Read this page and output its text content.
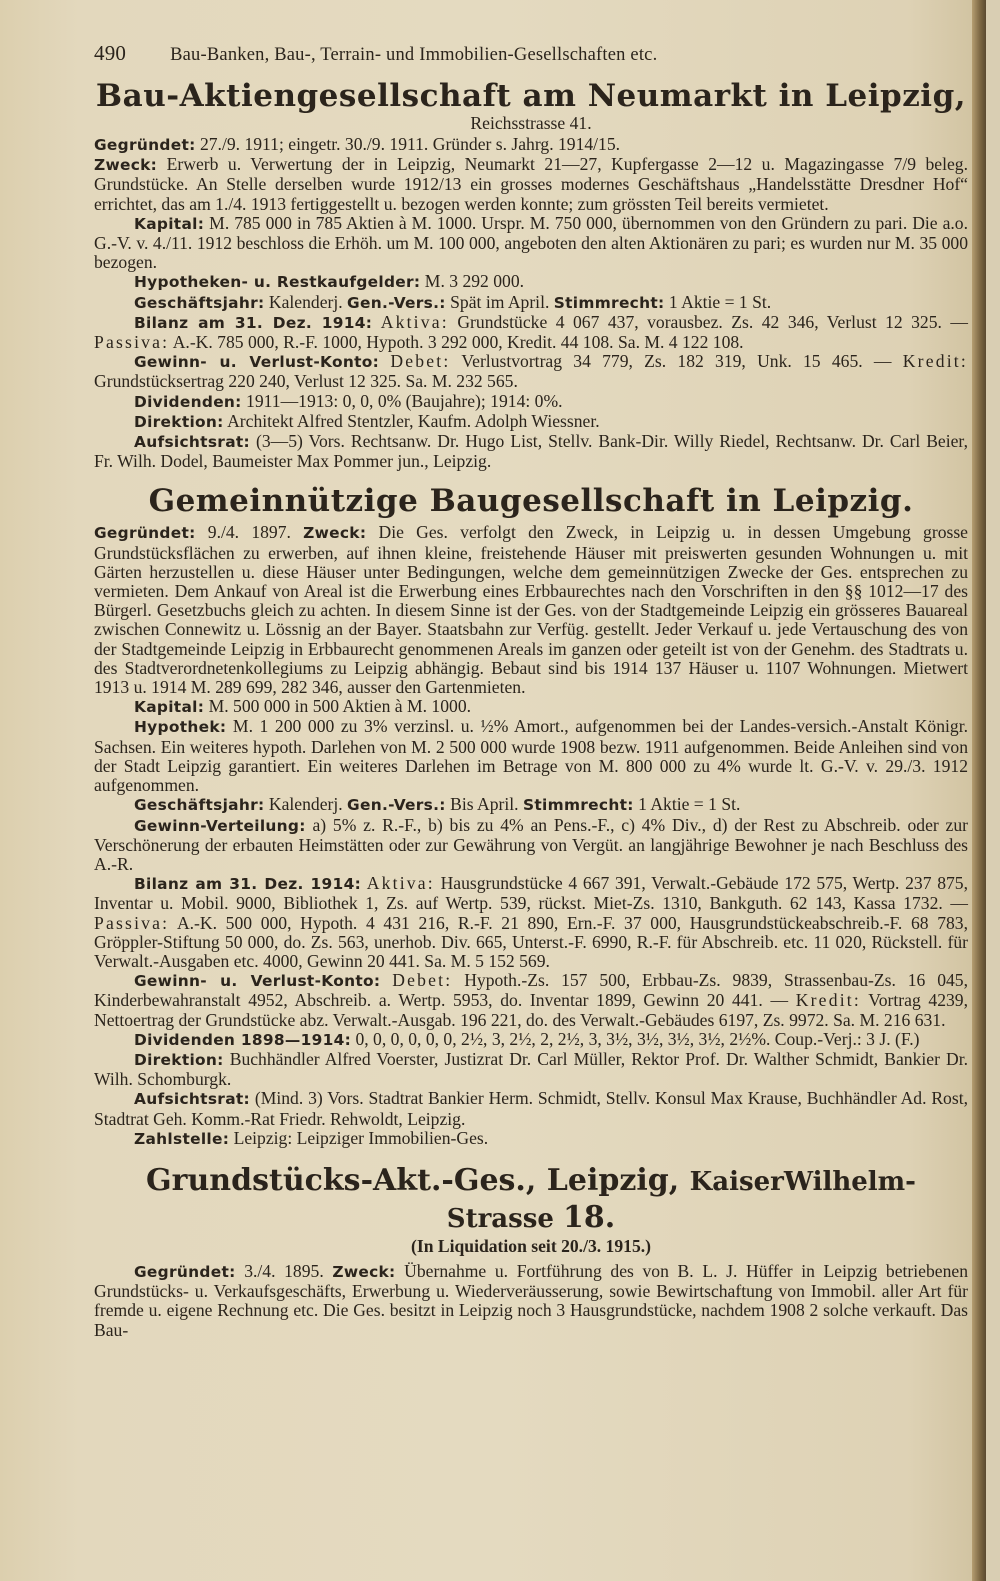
490 Bau-Banken, Bau-, Terrain- und Immobilien-Gesellschaften etc.
Bau-Aktiengesellschaft am Neumarkt in Leipzig,
Reichsstrasse 41.

Gegründet: 27./9. 1911; eingetr. 30./9. 1911. Gründer s. Jahrg. 1914/15.

Zweck: Erwerb u. Verwertung der in Leipzig, Neumarkt 21—27, Kupfergasse 2—12 u. Magazingasse 7/9 beleg. Grundstücke. An Stelle derselben wurde 1912/13 ein grosses modernes Geschäftshaus „Handelsstätte Dresdner Hof“ errichtet, das am 1./4. 1913 fertiggestellt u. bezogen werden konnte; zum grössten Teil bereits vermietet.

Kapital: M. 785 000 in 785 Aktien à M. 1000. Urspr. M. 750 000, übernommen von den Gründern zu pari. Die a.o. G.-V. v. 4./11. 1912 beschloss die Erhöh. um M. 100 000, angeboten den alten Aktionären zu pari; es wurden nur M. 35 000 bezogen.

Hypotheken- u. Restkaufgelder: M. 3 292 000.

Geschäftsjahr: Kalenderj. Gen.-Vers.: Spät im April. Stimmrecht: 1 Aktie = 1 St.

Bilanz am 31. Dez. 1914: Aktiva: Grundstücke 4 067 437, vorausbez. Zs. 42 346, Verlust 12 325. — Passiva: A.-K. 785 000, R.-F. 1000, Hypoth. 3 292 000, Kredit. 44 108. Sa. M. 4 122 108.

Gewinn- u. Verlust-Konto: Debet: Verlustvortrag 34 779, Zs. 182 319, Unk. 15 465. — Kredit: Grundstücksertrag 220 240, Verlust 12 325. Sa. M. 232 565.

Dividenden: 1911—1913: 0, 0, 0% (Baujahre); 1914: 0%.

Direktion: Architekt Alfred Stentzler, Kaufm. Adolph Wiessner.

Aufsichtsrat: (3—5) Vors. Rechtsanw. Dr. Hugo List, Stellv. Bank-Dir. Willy Riedel, Rechtsanw. Dr. Carl Beier, Fr. Wilh. Dodel, Baumeister Max Pommer jun., Leipzig.

Gemeinnützige Baugesellschaft in Leipzig.

Gegründet: 9./4. 1897. Zweck: Die Ges. verfolgt den Zweck, in Leipzig u. in dessen Umgebung grosse Grundstücksflächen zu erwerben, auf ihnen kleine, freistehende Häuser mit preiswerten gesunden Wohnungen u. mit Gärten herzustellen u. diese Häuser unter Bedingungen, welche dem gemeinnützigen Zwecke der Ges. entsprechen zu vermieten. Dem Ankauf von Areal ist die Erwerbung eines Erbbaurechtes nach den Vorschriften in den §§ 1012—17 des Bürgerl. Gesetzbuchs gleich zu achten. In diesem Sinne ist der Ges. von der Stadtgemeinde Leipzig ein grösseres Bauareal zwischen Connewitz u. Lössnig an der Bayer. Staatsbahn zur Verfüg. gestellt. Jeder Verkauf u. jede Vertauschung des von der Stadtgemeinde Leipzig in Erbbaurecht genommenen Areals im ganzen oder geteilt ist von der Genehm. des Stadtrats u. des Stadtverordnetenkollegiums zu Leipzig abhängig. Bebaut sind bis 1914 137 Häuser u. 1107 Wohnungen. Mietwert 1913 u. 1914 M. 289 699, 282 346, ausser den Gartenmieten.

Kapital: M. 500 000 in 500 Aktien à M. 1000.

Hypothek: M. 1 200 000 zu 3% verzinsl. u. ½% Amort., aufgenommen bei der Landes-versich.-Anstalt Königr. Sachsen. Ein weiteres hypoth. Darlehen von M. 2 500 000 wurde 1908 bezw. 1911 aufgenommen. Beide Anleihen sind von der Stadt Leipzig garantiert. Ein weiteres Darlehen im Betrage von M. 800 000 zu 4% wurde lt. G.-V. v. 29./3. 1912 aufgenommen.

Geschäftsjahr: Kalenderj. Gen.-Vers.: Bis April. Stimmrecht: 1 Aktie = 1 St.

Gewinn-Verteilung: a) 5% z. R.-F., b) bis zu 4% an Pens.-F., c) 4% Div., d) der Rest zu Abschreib. oder zur Verschönerung der erbauten Heimstätten oder zur Gewährung von Vergüt. an langjährige Bewohner je nach Beschluss des A.-R.

Bilanz am 31. Dez. 1914: Aktiva: Hausgrundstücke 4 667 391, Verwalt.-Gebäude 172 575, Wertp. 237 875, Inventar u. Mobil. 9000, Bibliothek 1, Zs. auf Wertp. 539, rückst. Miet-Zs. 1310, Bankguth. 62 143, Kassa 1732. — Passiva: A.-K. 500 000, Hypoth. 4 431 216, R.-F. 21 890, Ern.-F. 37 000, Hausgrundstückeabschreib.-F. 68 783, Gröppler-Stiftung 50 000, do. Zs. 563, unerhob. Div. 665, Unterst.-F. 6990, R.-F. für Abschreib. etc. 11 020, Rückstell. für Verwalt.-Ausgaben etc. 4000, Gewinn 20 441. Sa. M. 5 152 569.

Gewinn- u. Verlust-Konto: Debet: Hypoth.-Zs. 157 500, Erbbau-Zs. 9839, Strassenbau-Zs. 16 045, Kinderbewahranstalt 4952, Abschreib. a. Wertp. 5953, do. Inventar 1899, Gewinn 20 441. — Kredit: Vortrag 4239, Nettoertrag der Grundstücke abz. Verwalt.-Ausgab. 196 221, do. des Verwalt.-Gebäudes 6197, Zs. 9972. Sa. M. 216 631.

Dividenden 1898—1914: 0, 0, 0, 0, 0, 0, 2½, 3, 2½, 2, 2½, 3, 3½, 3½, 3½, 3½, 2½%. Coup.-Verj.: 3 J. (F.)

Direktion: Buchhändler Alfred Voerster, Justizrat Dr. Carl Müller, Rektor Prof. Dr. Walther Schmidt, Bankier Dr. Wilh. Schomburgk.

Aufsichtsrat: (Mind. 3) Vors. Stadtrat Bankier Herm. Schmidt, Stellv. Konsul Max Krause, Buchhändler Ad. Rost, Stadtrat Geh. Komm.-Rat Friedr. Rehwoldt, Leipzig.

Zahlstelle: Leipzig: Leipziger Immobilien-Ges.

Grundstücks-Akt.-Ges., Leipzig, KaiserWilhelm-Strasse 18.
(In Liquidation seit 20./3. 1915.)

Gegründet: 3./4. 1895. Zweck: Übernahme u. Fortführung des von B. L. J. Hüffer in Leipzig betriebenen Grundstücks- u. Verkaufsgeschäfts, Erwerbung u. Wiederveräusserung, sowie Bewirtschaftung von Immobil. aller Art für fremde u. eigene Rechnung etc. Die Ges. besitzt in Leipzig noch 3 Hausgrundstücke, nachdem 1908 2 solche verkauft. Das Bau-
